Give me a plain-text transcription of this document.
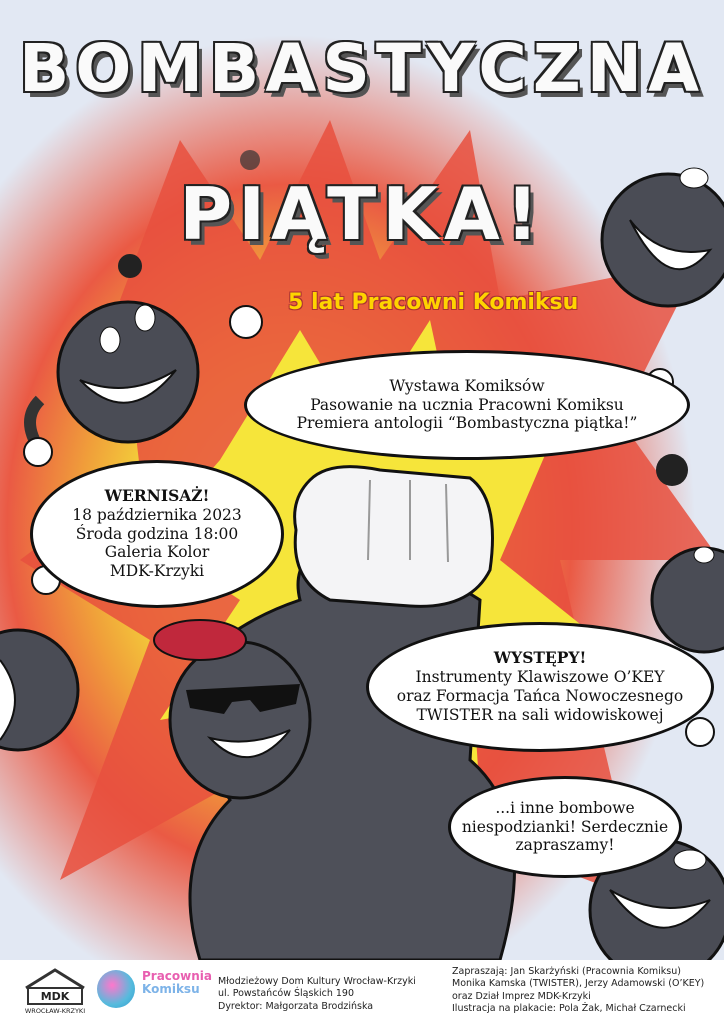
BOMBASTYCZNA
PIĄTKA!
5 lat Pracowni Komiksu
Wystawa Komiksów
Pasowanie na ucznia Pracowni Komiksu
Premiera antologii “Bombastyczna piątka!”
WERNISAŻ!
18 października 2023
Środa godzina 18:00
Galeria Kolor
MDK-Krzyki
WYSTĘPY!
Instrumenty Klawiszowe O’KEY
oraz Formacja Tańca Nowoczesnego
TWISTER na sali widowiskowej
...i inne bombowe
niespodzianki! Serdecznie
zapraszamy!
MDK
WROCŁAW-KRZYKI
Pracownia
Komiksu
Młodzieżowy Dom Kultury Wrocław-Krzyki
ul. Powstańców Śląskich 190
Dyrektor: Małgorzata Brodzińska
Zapraszają: Jan Skarżyński (Pracownia Komiksu)
Monika Kamska (TWISTER), Jerzy Adamowski (O’KEY)
oraz Dział Imprez MDK-Krzyki
Ilustracja na plakacie: Pola Żak, Michał Czarnecki
